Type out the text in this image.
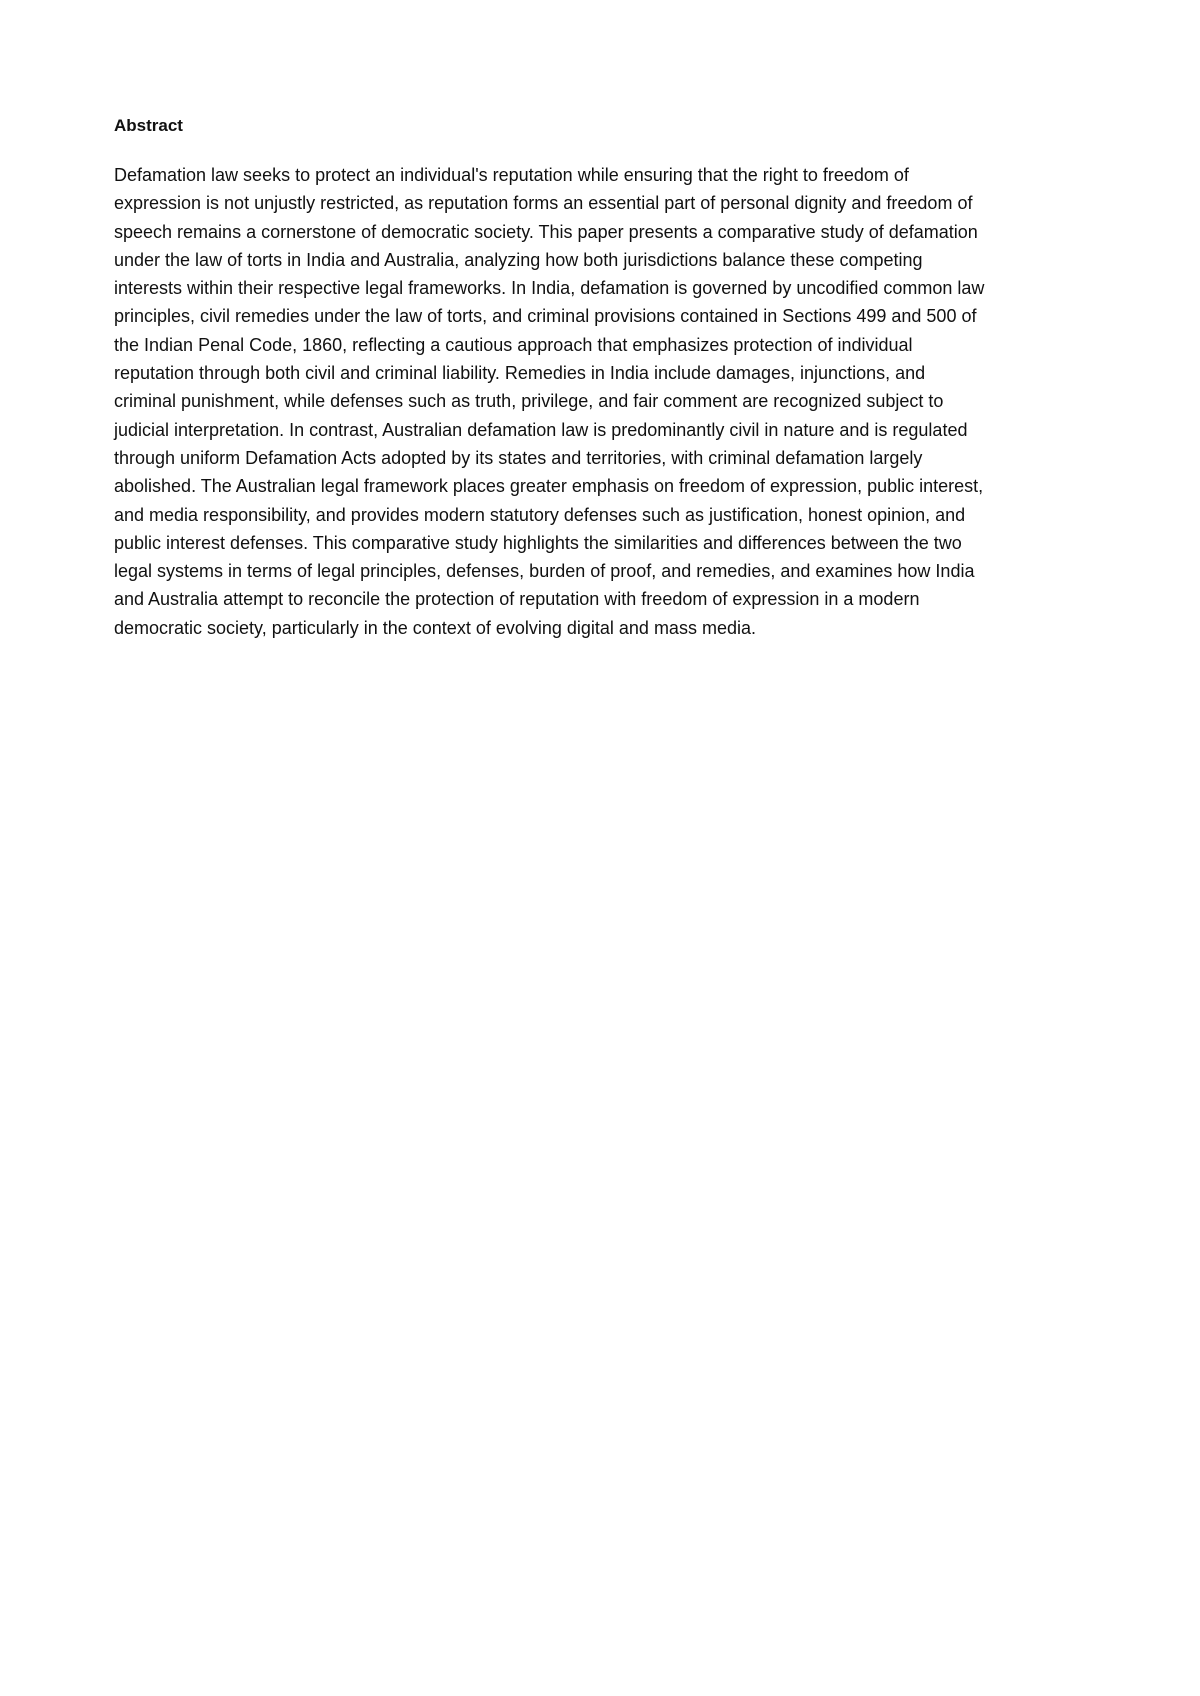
Abstract
Defamation law seeks to protect an individual's reputation while ensuring that the right to freedom of
expression is not unjustly restricted, as reputation forms an essential part of personal dignity and freedom of
speech remains a cornerstone of democratic society. This paper presents a comparative study of defamation
under the law of torts in India and Australia, analyzing how both jurisdictions balance these competing
interests within their respective legal frameworks. In India, defamation is governed by uncodified common law
principles, civil remedies under the law of torts, and criminal provisions contained in Sections 499 and 500 of
the Indian Penal Code, 1860, reflecting a cautious approach that emphasizes protection of individual
reputation through both civil and criminal liability. Remedies in India include damages, injunctions, and
criminal punishment, while defenses such as truth, privilege, and fair comment are recognized subject to
judicial interpretation. In contrast, Australian defamation law is predominantly civil in nature and is regulated
through uniform Defamation Acts adopted by its states and territories, with criminal defamation largely
abolished. The Australian legal framework places greater emphasis on freedom of expression, public interest,
and media responsibility, and provides modern statutory defenses such as justification, honest opinion, and
public interest defenses. This comparative study highlights the similarities and differences between the two
legal systems in terms of legal principles, defenses, burden of proof, and remedies, and examines how India
and Australia attempt to reconcile the protection of reputation with freedom of expression in a modern
democratic society, particularly in the context of evolving digital and mass media.
